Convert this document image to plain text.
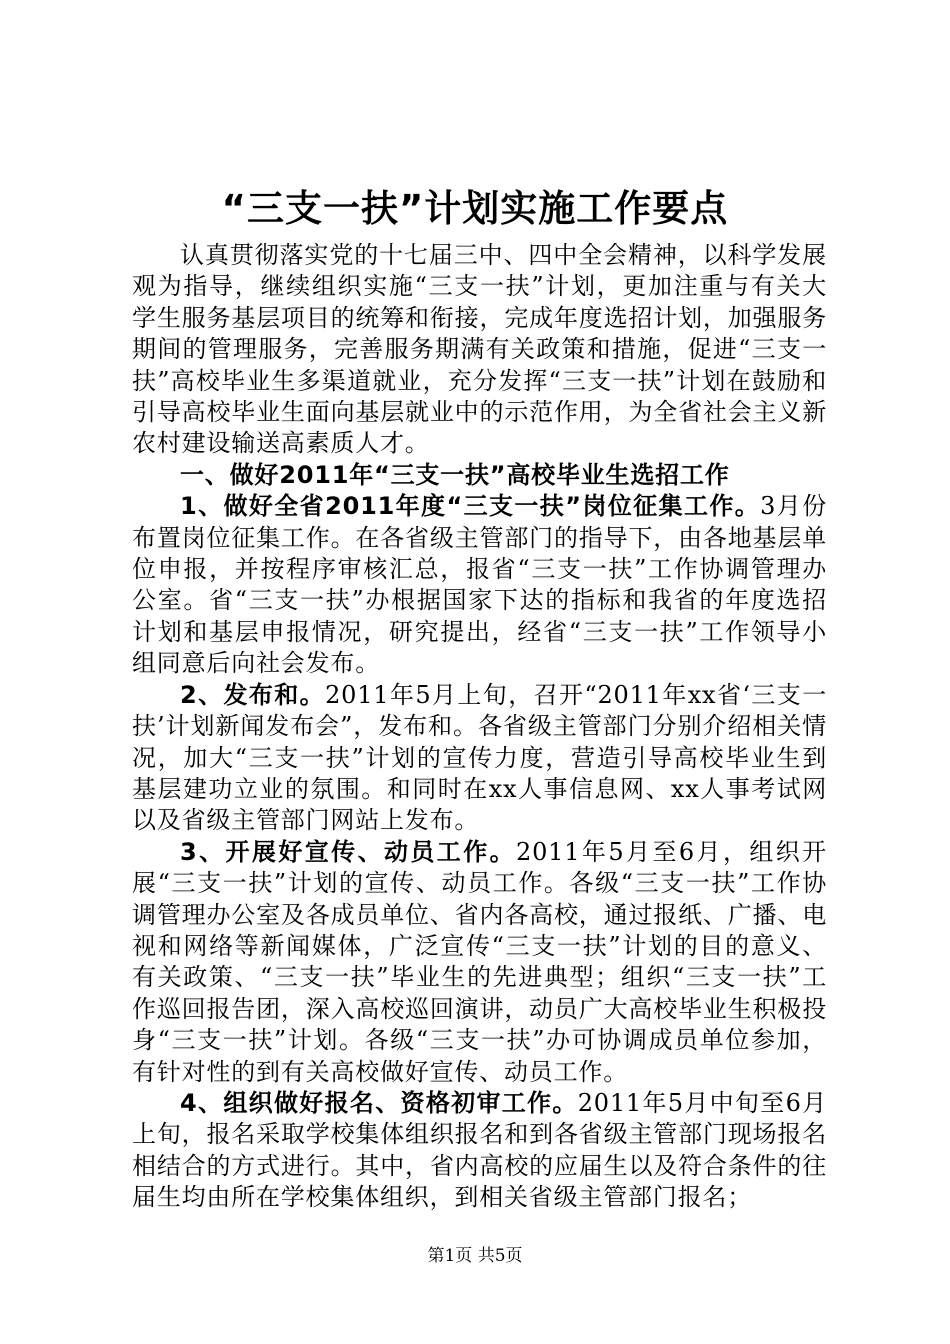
“三支一扶”计划实施工作要点

认真贯彻落实党的十七届三中、四中全会精神，以科学发展观为指导，继续组织实施“三支一扶”计划，更加注重与有关大学生服务基层项目的统筹和衔接，完成年度选招计划，加强服务期间的管理服务，完善服务期满有关政策和措施，促进“三支一扶”高校毕业生多渠道就业，充分发挥“三支一扶”计划在鼓励和引导高校毕业生面向基层就业中的示范作用，为全省社会主义新农村建设输送高素质人才。

一、做好2011年“三支一扶”高校毕业生选招工作

1、做好全省2011年度“三支一扶”岗位征集工作。3月份布置岗位征集工作。在各省级主管部门的指导下，由各地基层单位申报，并按程序审核汇总，报省“三支一扶”工作协调管理办公室。省“三支一扶”办根据国家下达的指标和我省的年度选招计划和基层申报情况，研究提出，经省“三支一扶”工作领导小组同意后向社会发布。

2、发布和。2011年5月上旬，召开“2011年xx省‘三支一扶’计划新闻发布会”，发布和。各省级主管部门分别介绍相关情况，加大“三支一扶”计划的宣传力度，营造引导高校毕业生到基层建功立业的氛围。和同时在xx人事信息网、xx人事考试网以及省级主管部门网站上发布。

3、开展好宣传、动员工作。2011年5月至6月，组织开展“三支一扶”计划的宣传、动员工作。各级“三支一扶”工作协调管理办公室及各成员单位、省内各高校，通过报纸、广播、电视和网络等新闻媒体，广泛宣传“三支一扶”计划的目的意义、有关政策、“三支一扶”毕业生的先进典型；组织“三支一扶”工作巡回报告团，深入高校巡回演讲，动员广大高校毕业生积极投身“三支一扶”计划。各级“三支一扶”办可协调成员单位参加，有针对性的到有关高校做好宣传、动员工作。

4、组织做好报名、资格初审工作。2011年5月中旬至6月上旬，报名采取学校集体组织报名和到各省级主管部门现场报名相结合的方式进行。其中，省内高校的应届生以及符合条件的往届生均由所在学校集体组织，到相关省级主管部门报名；

第1页 共5页
